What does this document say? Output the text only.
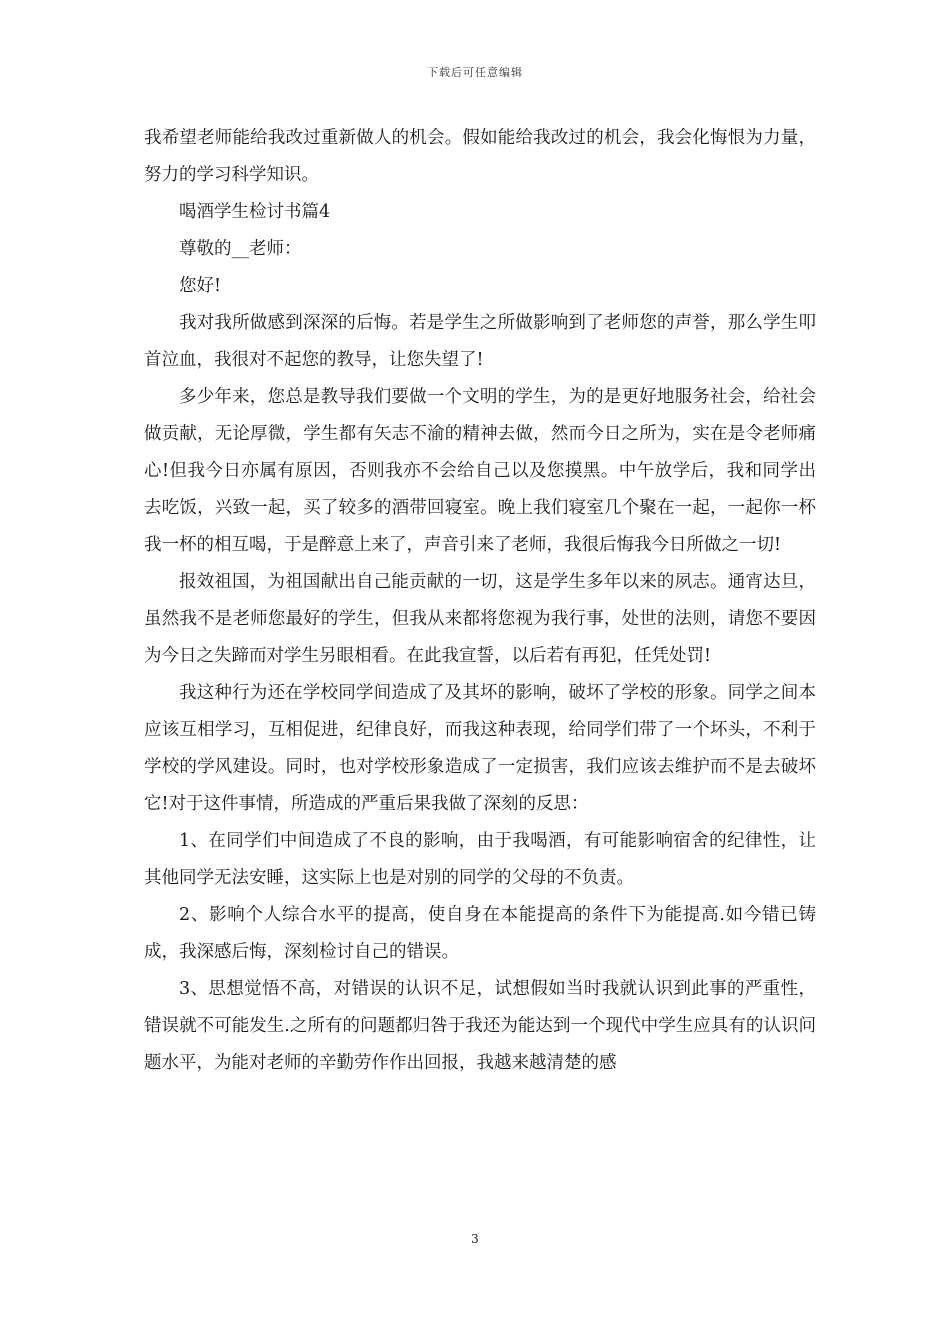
下载后可任意编辑

我希望老师能给我改过重新做人的机会。假如能给我改过的机会，我会化悔恨为力量，努力的学习科学知识。

喝酒学生检讨书篇4

尊敬的__老师：

您好!

我对我所做感到深深的后悔。若是学生之所做影响到了老师您的声誉，那么学生叩首泣血，我很对不起您的教导，让您失望了!

多少年来，您总是教导我们要做一个文明的学生，为的是更好地服务社会，给社会做贡献，无论厚微，学生都有矢志不渝的精神去做，然而今日之所为，实在是令老师痛心!但我今日亦属有原因，否则我亦不会给自己以及您摸黑。中午放学后，我和同学出去吃饭，兴致一起，买了较多的酒带回寝室。晚上我们寝室几个聚在一起，一起你一杯我一杯的相互喝，于是醉意上来了，声音引来了老师，我很后悔我今日所做之一切!

报效祖国，为祖国献出自己能贡献的一切，这是学生多年以来的夙志。通宵达旦，虽然我不是老师您最好的学生，但我从来都将您视为我行事，处世的法则，请您不要因为今日之失蹄而对学生另眼相看。在此我宣誓，以后若有再犯，任凭处罚!

我这种行为还在学校同学间造成了及其坏的影响，破坏了学校的形象。同学之间本应该互相学习，互相促进，纪律良好，而我这种表现，给同学们带了一个坏头，不利于学校的学风建设。同时，也对学校形象造成了一定损害，我们应该去维护而不是去破坏它!对于这件事情，所造成的严重后果我做了深刻的反思：

1、在同学们中间造成了不良的影响，由于我喝酒，有可能影响宿舍的纪律性，让其他同学无法安睡，这实际上也是对别的同学的父母的不负责。

2、影响个人综合水平的提高，使自身在本能提高的条件下为能提高.如今错已铸成，我深感后悔，深刻检讨自己的错误。

3、思想觉悟不高，对错误的认识不足，试想假如当时我就认识到此事的严重性，错误就不可能发生.之所有的问题都归咎于我还为能达到一个现代中学生应具有的认识问题水平，为能对老师的辛勤劳作作出回报，我越来越清楚的感

3
